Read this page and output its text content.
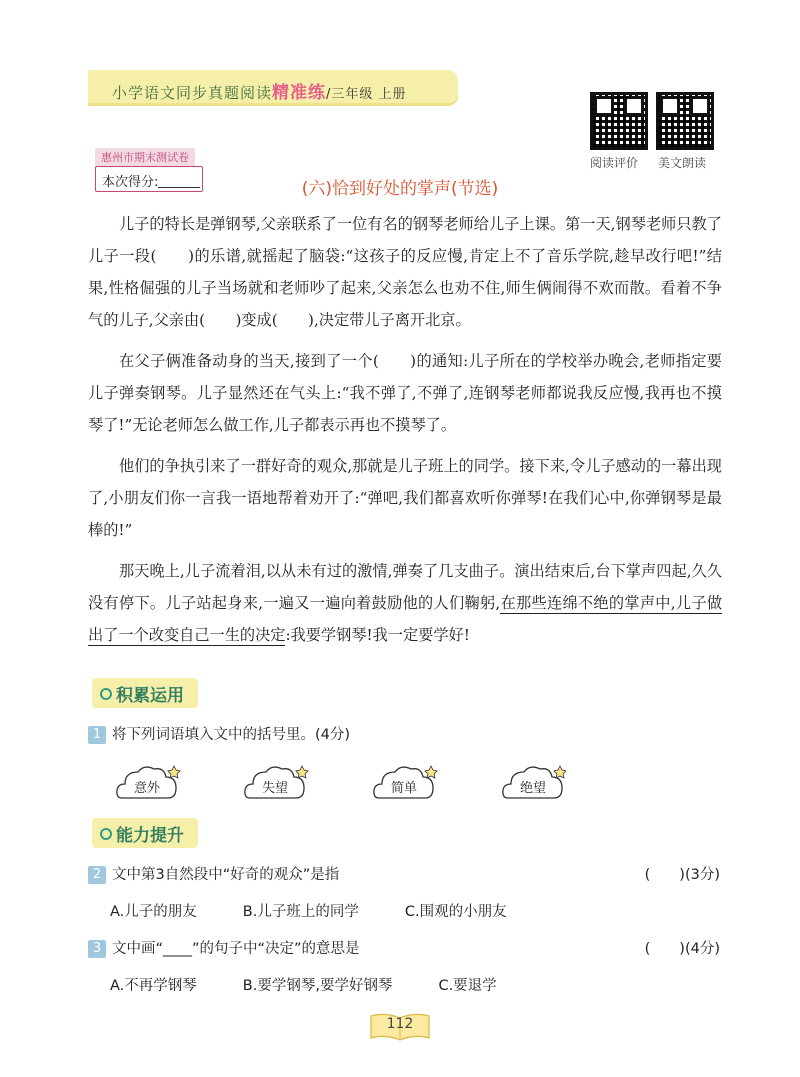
小学语文同步真题阅读精准练/三年级 上册
阅读评价 美文朗读
惠州市期末测试卷
本次得分:	(六)恰到好处的掌声(节选)

儿子的特长是弹钢琴,父亲联系了一位有名的钢琴老师给儿子上课。第一天,钢琴老师只教了儿子一段(　　)的乐谱,就摇起了脑袋:“这孩子的反应慢,肯定上不了音乐学院,趁早改行吧!”结果,性格倔强的儿子当场就和老师吵了起来,父亲怎么也劝不住,师生俩闹得不欢而散。看着不争气的儿子,父亲由(　　)变成(　　),决定带儿子离开北京。

在父子俩准备动身的当天,接到了一个(　　)的通知:儿子所在的学校举办晚会,老师指定要儿子弹奏钢琴。儿子显然还在气头上:“我不弹了,不弹了,连钢琴老师都说我反应慢,我再也不摸琴了!”无论老师怎么做工作,儿子都表示再也不摸琴了。

他们的争执引来了一群好奇的观众,那就是儿子班上的同学。接下来,令儿子感动的一幕出现了,小朋友们你一言我一语地帮着劝开了:“弹吧,我们都喜欢听你弹琴!在我们心中,你弹钢琴是最棒的!”

那天晚上,儿子流着泪,以从未有过的激情,弹奏了几支曲子。演出结束后,台下掌声四起,久久没有停下。儿子站起身来,一遍又一遍向着鼓励他的人们鞠躬,在那些连绵不绝的掌声中,儿子做出了一个改变自己一生的决定:我要学钢琴!我一定要学好!

积累运用
1 将下列词语填入文中的括号里。(4分)
意外	失望	简单	绝望
能力提升
2 文中第3自然段中“好奇的观众”是指	(　　)(3分)
A.儿子的朋友	B.儿子班上的同学	C.围观的小朋友
3 文中画“____”的句子中“决定”的意思是	(　　)(4分)
A.不再学钢琴	B.要学钢琴,要学好钢琴	C.要退学
112
